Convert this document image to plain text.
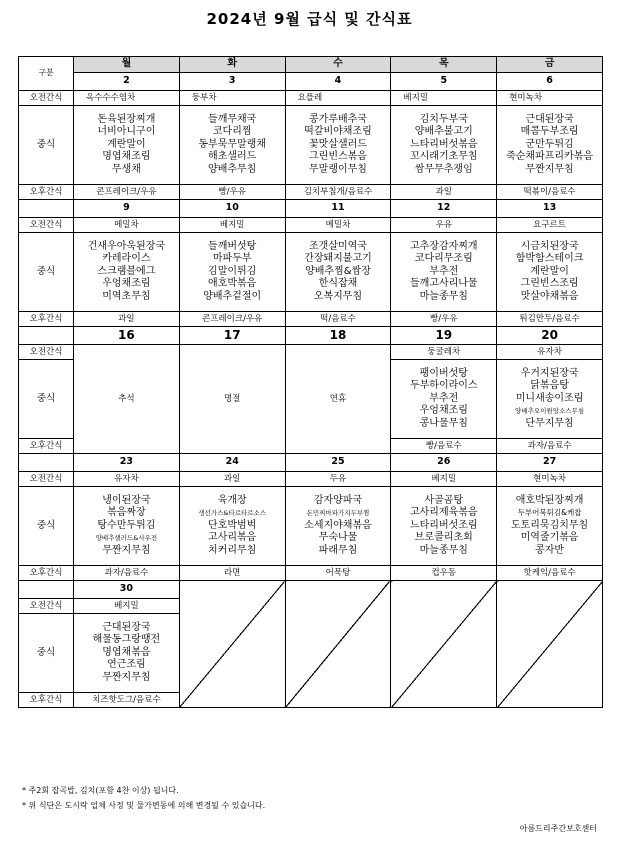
2024년 9월 급식 및 간식표
구분	월	화	수	목	금
	2	3	4	5	6
오전간식	옥수수수염차	둥부차	요플레	베지밀	현미녹차
중식	돈육된장찌개
너비아니구이
계란말이
명엽채조림
무생채	들깨무채국
코다리찜
동부묵무말랭채
해초샐러드
양배추무침	콩가루배추국
떡갈비야채조림
꽃맛살샐러드
그린빈스볶음
무말랭이무침	김치두부국
양배추불고기
느타리버섯볶음
꼬시래기초무침
쌈무무추쟁임	근대된장국
매콤두부조림
군만두튀김
죽순채파프리카볶음
무짠지무침

오후간식	콘프레이크/우유	빵/우유	김치부침개/음료수	과일	떡볶이/음료수
	9	10	11	12	13
오전간식	메밀차	베지밀	메밀차	우유	요구르트
중식	건새우아욱된장국
카레라이스
스크램블에그
우엉채조림
미역초무침	들깨버섯탕
마파두부
김말이튀김
애호박볶음
양배추겉절이	조갯살미역국
간장돼지불고기
양배추찜&쌈장
한식잡채
오복지무침	고추장감자찌개
코다리무조림
부추전
들깨고사리나물
마늘종무침	시금치된장국
함박함스테이크
계란말이
그린빈스조림
맛살야채볶음

오후간식	과일	콘프레이크/우유	떡/음료수	빵/우유	튀김만두/음료수
	16	17	18	19	20
오전간식	추석	명절	연휴	둥굴레차	유자차
중식				팽이버섯탕
두부하이라이스
부추전
우엉채조림
콩나물무침	우거지된장국
닭볶음탕
미니새송이조림
양배추오이원앙소스무침
단무지무침

오후간식				빵/음료수	과자/음료수
	23	24	25	26	27
오전간식	유자차	과일	두유	베지밀	현미녹차
중식	냉이된장국
볶음짜장
탕수만두튀김
양배추샐러드&사우전
무짠지무침	육개장
생선가스&타르타르소스
단호박범벅
고사리볶음
치커리무침	감자양파국
돈민찌마파가지두부찜
소세지야채볶음
무숙나물
파래무침	사골곰탕
고사리제육볶음
느타리버섯조림
브로콜리초회
마늘종무침	애호박된장찌개
두부어묵튀김&케찹
도토리묵김치무침
미역줄기볶음
콩자반

오후간식	과자/음료수	라면	어묵탕	컵우동	핫케익/음료수
	30				
오전간식	베지밀				
중식	근대된장국
해물동그랑땡전
명엽채볶음
연근조림
무짠지무침				

오후간식	치즈핫도그/음료수				
* 주2회 잡곡밥, 김치(포함 4찬 이상) 됩니다.
* 위 식단은 도시락 업체 사정 및 물가변동에 의해 변경될 수 있습니다.
아름드리주간보호센터
